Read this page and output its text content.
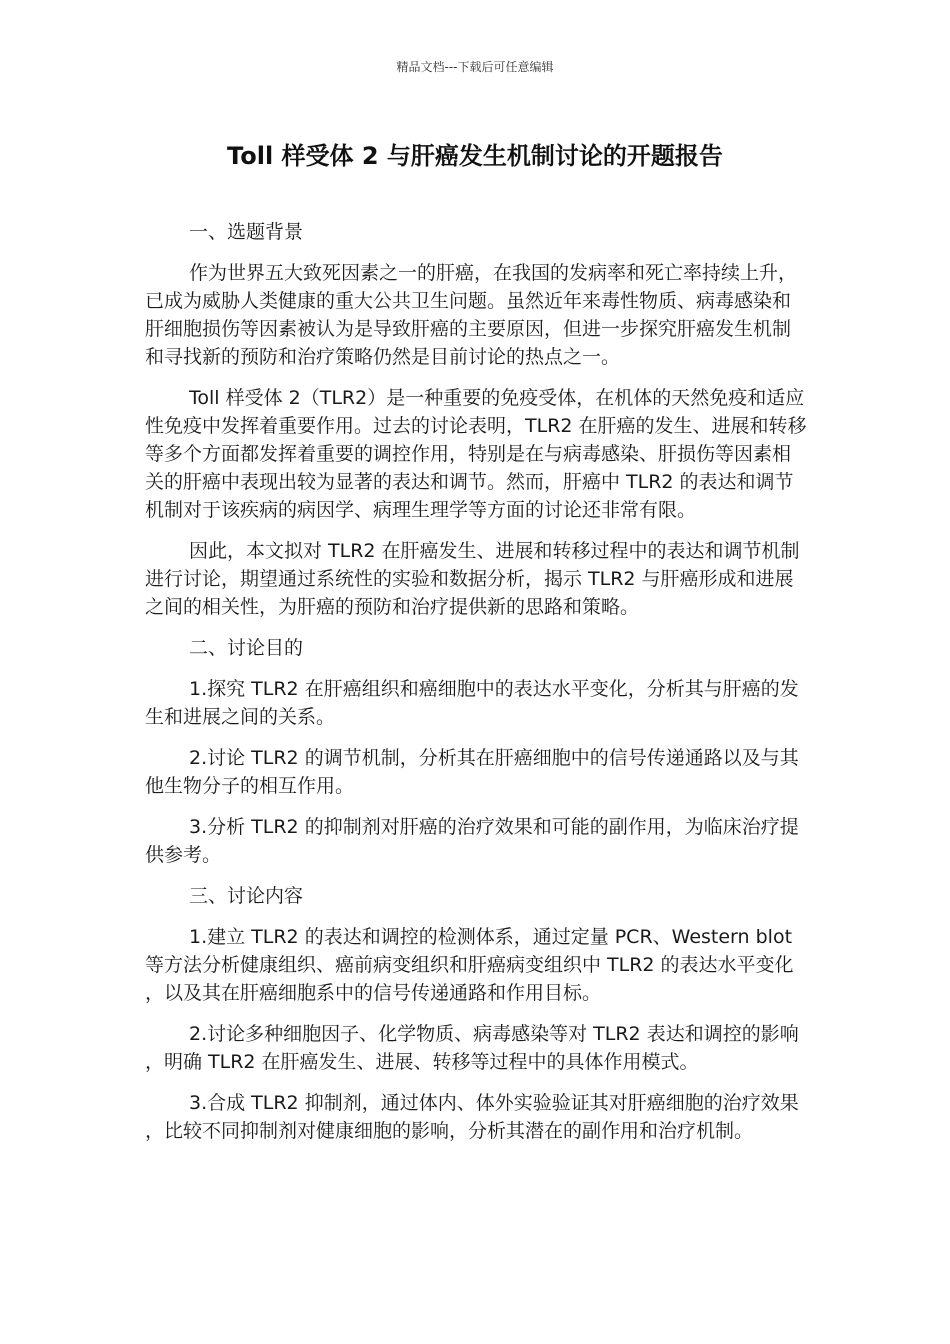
精品文档---下载后可任意编辑
Toll 样受体 2 与肝癌发生机制讨论的开题报告

一、选题背景

作为世界五大致死因素之一的肝癌，在我国的发病率和死亡率持续上升，已成为威胁人类健康的重大公共卫生问题。虽然近年来毒性物质、病毒感染和肝细胞损伤等因素被认为是导致肝癌的主要原因，但进一步探究肝癌发生机制和寻找新的预防和治疗策略仍然是目前讨论的热点之一。

Toll 样受体 2（TLR2）是一种重要的免疫受体，在机体的天然免疫和适应性免疫中发挥着重要作用。过去的讨论表明，TLR2 在肝癌的发生、进展和转移等多个方面都发挥着重要的调控作用，特别是在与病毒感染、肝损伤等因素相关的肝癌中表现出较为显著的表达和调节。然而，肝癌中 TLR2 的表达和调节机制对于该疾病的病因学、病理生理学等方面的讨论还非常有限。

因此，本文拟对 TLR2 在肝癌发生、进展和转移过程中的表达和调节机制进行讨论，期望通过系统性的实验和数据分析，揭示 TLR2 与肝癌形成和进展之间的相关性，为肝癌的预防和治疗提供新的思路和策略。

二、讨论目的

1.探究 TLR2 在肝癌组织和癌细胞中的表达水平变化，分析其与肝癌的发生和进展之间的关系。

2.讨论 TLR2 的调节机制，分析其在肝癌细胞中的信号传递通路以及与其他生物分子的相互作用。

3.分析 TLR2 的抑制剂对肝癌的治疗效果和可能的副作用，为临床治疗提供参考。

三、讨论内容

1.建立 TLR2 的表达和调控的检测体系，通过定量 PCR、Western blot 等方法分析健康组织、癌前病变组织和肝癌病变组织中 TLR2 的表达水平变化，以及其在肝癌细胞系中的信号传递通路和作用目标。

2.讨论多种细胞因子、化学物质、病毒感染等对 TLR2 表达和调控的影响，明确 TLR2 在肝癌发生、进展、转移等过程中的具体作用模式。

3.合成 TLR2 抑制剂，通过体内、体外实验验证其对肝癌细胞的治疗效果，比较不同抑制剂对健康细胞的影响，分析其潜在的副作用和治疗机制。
